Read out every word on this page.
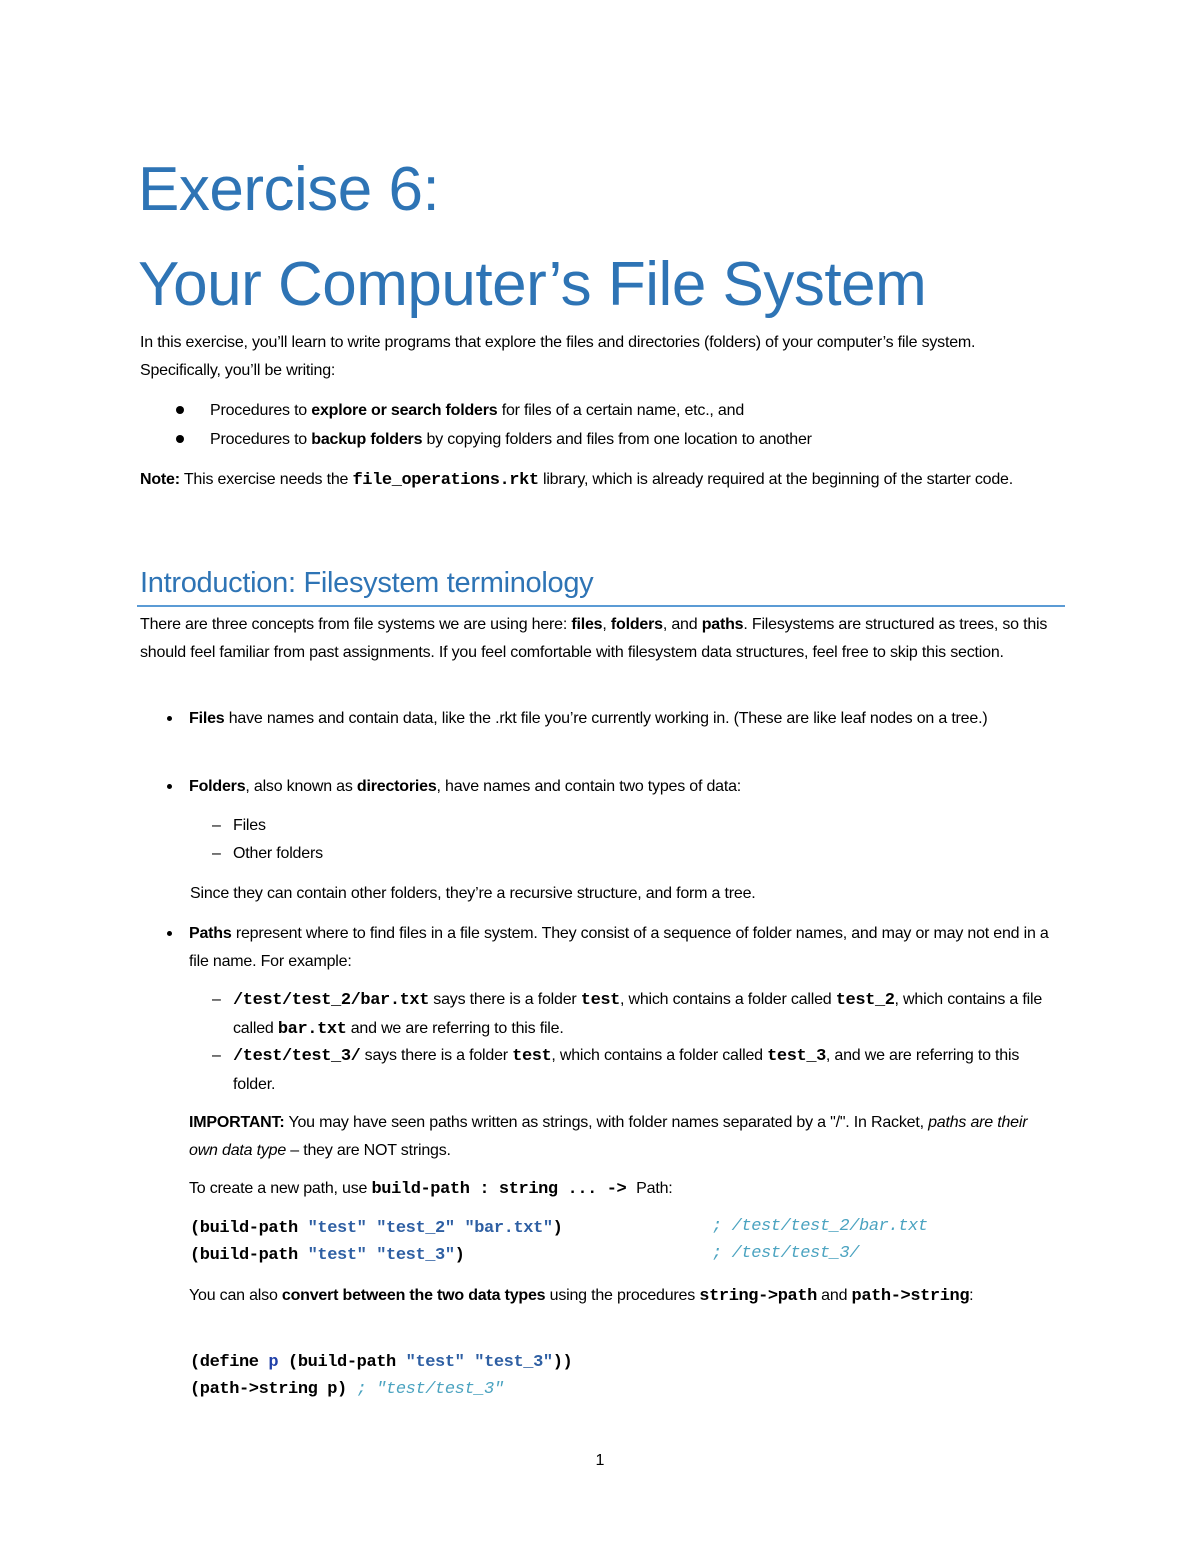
Exercise 6:
Your Computer’s File System

In this exercise, you’ll learn to write programs that explore the files and directories (folders) of your computer’s file system. Specifically, you’ll be writing:

Procedures to explore or search folders for files of a certain name, etc., and

Procedures to backup folders by copying folders and files from one location to another

Note: This exercise needs the file_operations.rkt library, which is already required at the beginning of the starter code.

Introduction: Filesystem terminology

There are three concepts from file systems we are using here: files, folders, and paths. Filesystems are structured as trees, so this should feel familiar from past assignments. If you feel comfortable with filesystem data structures, feel free to skip this section.

Files have names and contain data, like the .rkt file you’re currently working in. (These are like leaf nodes on a tree.)

Folders, also known as directories, have names and contain two types of data:

– Files

– Other folders

Since they can contain other folders, they’re a recursive structure, and form a tree.

Paths represent where to find files in a file system. They consist of a sequence of folder names, and may or may not end in a file name. For example:

– /test/test_2/bar.txt says there is a folder test, which contains a folder called test_2, which contains a file called bar.txt and we are referring to this file.

– /test/test_3/ says there is a folder test, which contains a folder called test_3, and we are referring to this folder.

IMPORTANT: You may have seen paths written as strings, with folder names separated by a "/". In Racket, paths are their own data type – they are NOT strings.

To create a new path, use build-path : string ... -> Path:

(build-path "test" "test_2" "bar.txt")	; /test/test_2/bar.txt

(build-path "test" "test_3")	; /test/test_3/

You can also convert between the two data types using the procedures string->path and path->string:

(define p (build-path "test" "test_3"))

(path->string p) ; "test/test_3"

1
